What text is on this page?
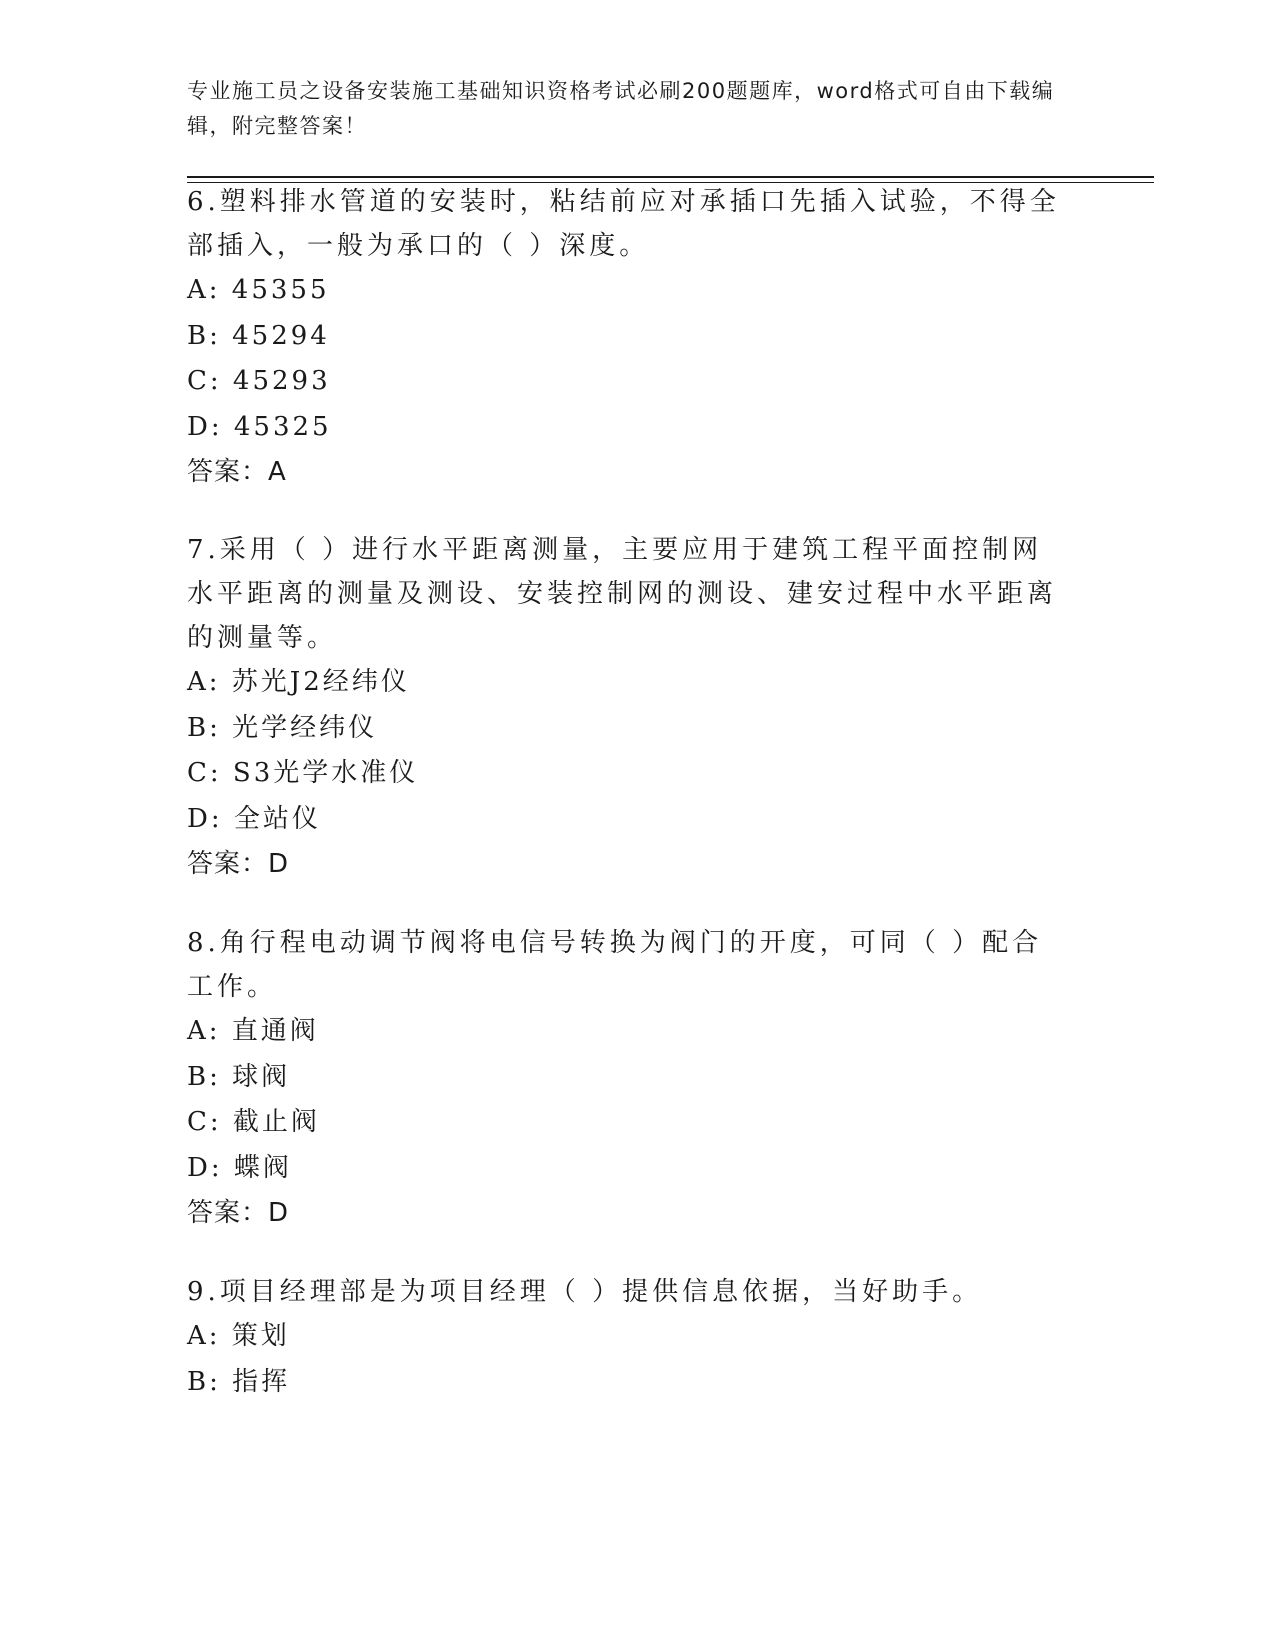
专业施工员之设备安装施工基础知识资格考试必刷200题题库，word格式可自由下载编辑，附完整答案！

6.塑料排水管道的安装时，粘结前应对承插口先插入试验，不得全部插入，一般为承口的（ ）深度。

A: 45355

B: 45294

C: 45293

D: 45325

答案：A

7.采用（ ）进行水平距离测量，主要应用于建筑工程平面控制网水平距离的测量及测设、安装控制网的测设、建安过程中水平距离的测量等。

A: 苏光J2经纬仪

B: 光学经纬仪

C: S3光学水准仪

D: 全站仪

答案：D

8.角行程电动调节阀将电信号转换为阀门的开度，可同（ ）配合工作。

A: 直通阀

B: 球阀

C: 截止阀

D: 蝶阀

答案：D

9.项目经理部是为项目经理（ ）提供信息依据，当好助手。

A: 策划

B: 指挥
